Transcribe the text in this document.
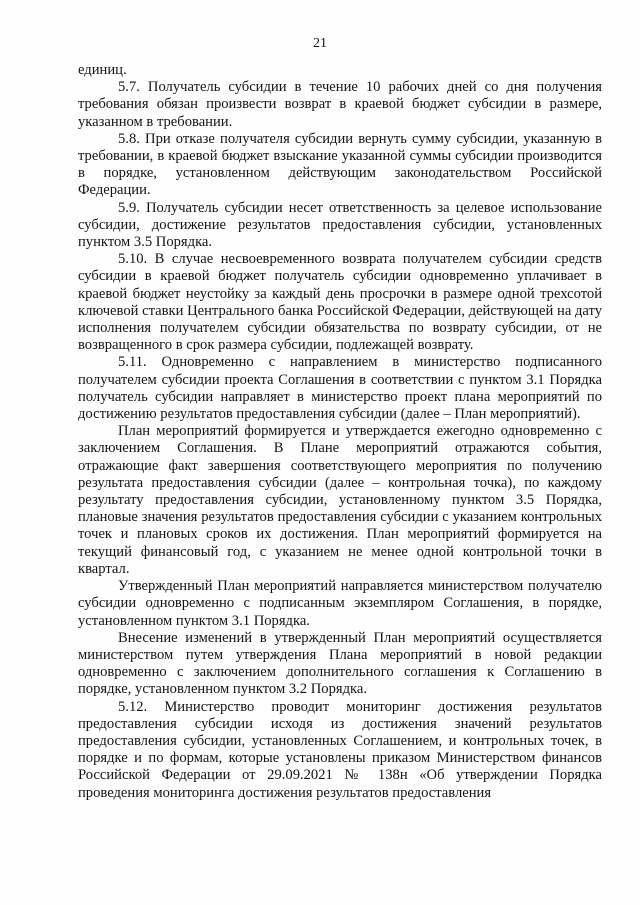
21

единиц.

5.7. Получатель субсидии в течение 10 рабочих дней со дня получения требования обязан произвести возврат в краевой бюджет субсидии в размере, указанном в требовании.

5.8. При отказе получателя субсидии вернуть сумму субсидии, указанную в требовании, в краевой бюджет взыскание указанной суммы субсидии производится в порядке, установленном действующим законодательством Российской Федерации.

5.9. Получатель субсидии несет ответственность за целевое использование субсидии, достижение результатов предоставления субсидии, установленных пунктом 3.5 Порядка.

5.10. В случае несвоевременного возврата получателем субсидии средств субсидии в краевой бюджет получатель субсидии одновременно уплачивает в краевой бюджет неустойку за каждый день просрочки в размере одной трехсотой ключевой ставки Центрального банка Российской Федерации, действующей на дату исполнения получателем субсидии обязательства по возврату субсидии, от не возвращенного в срок размера субсидии, подлежащей возврату.

5.11. Одновременно с направлением в министерство подписанного получателем субсидии проекта Соглашения в соответствии с пунктом 3.1 Порядка получатель субсидии направляет в министерство проект плана мероприятий по достижению результатов предоставления субсидии (далее – План мероприятий).

План мероприятий формируется и утверждается ежегодно одновременно с заключением Соглашения. В Плане мероприятий отражаются события, отражающие факт завершения соответствующего мероприятия по получению результата предоставления субсидии (далее – контрольная точка), по каждому результату предоставления субсидии, установленному пунктом 3.5 Порядка, плановые значения результатов предоставления субсидии с указанием контрольных точек и плановых сроков их достижения. План мероприятий формируется на текущий финансовый год, с указанием не менее одной контрольной точки в квартал.

Утвержденный План мероприятий направляется министерством получателю субсидии одновременно с подписанным экземпляром Соглашения, в порядке, установленном пунктом 3.1 Порядка.

Внесение изменений в утвержденный План мероприятий осуществляется министерством путем утверждения Плана мероприятий в новой редакции одновременно с заключением дополнительного соглашения к Соглашению в порядке, установленном пунктом 3.2 Порядка.

5.12. Министерство проводит мониторинг достижения результатов предоставления субсидии исходя из достижения значений результатов предоставления субсидии, установленных Соглашением, и контрольных точек, в порядке и по формам, которые установлены приказом Министерством финансов Российской Федерации от 29.09.2021 № 138н «Об утверждении Порядка проведения мониторинга достижения результатов предоставления
